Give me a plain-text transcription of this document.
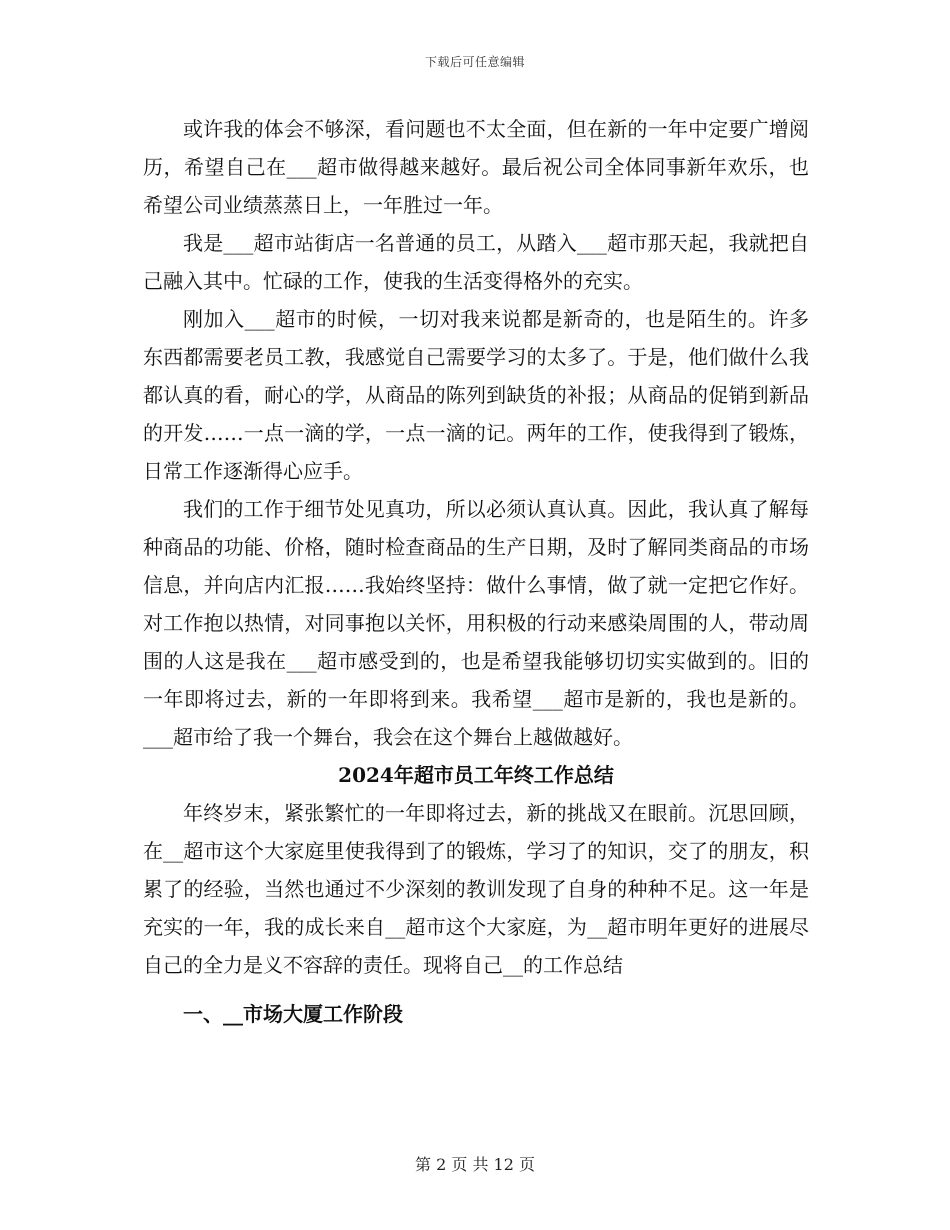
下载后可任意编辑

或许我的体会不够深，看问题也不太全面，但在新的一年中定要广增阅历，希望自己在___超市做得越来越好。最后祝公司全体同事新年欢乐，也希望公司业绩蒸蒸日上，一年胜过一年。

我是___超市站街店一名普通的员工，从踏入___超市那天起，我就把自己融入其中。忙碌的工作，使我的生活变得格外的充实。

刚加入___超市的时候，一切对我来说都是新奇的，也是陌生的。许多东西都需要老员工教，我感觉自己需要学习的太多了。于是，他们做什么我都认真的看，耐心的学，从商品的陈列到缺货的补报；从商品的促销到新品的开发……一点一滴的学，一点一滴的记。两年的工作，使我得到了锻炼，日常工作逐渐得心应手。

我们的工作于细节处见真功，所以必须认真认真。因此，我认真了解每种商品的功能、价格，随时检查商品的生产日期，及时了解同类商品的市场信息，并向店内汇报……我始终坚持：做什么事情，做了就一定把它作好。对工作抱以热情，对同事抱以关怀，用积极的行动来感染周围的人，带动周围的人这是我在___超市感受到的，也是希望我能够切切实实做到的。旧的一年即将过去，新的一年即将到来。我希望___超市是新的，我也是新的。___超市给了我一个舞台，我会在这个舞台上越做越好。

2024年超市员工年终工作总结

年终岁末，紧张繁忙的一年即将过去，新的挑战又在眼前。沉思回顾，在__超市这个大家庭里使我得到了的锻炼，学习了的知识，交了的朋友，积累了的经验，当然也通过不少深刻的教训发现了自身的种种不足。这一年是充实的一年，我的成长来自__超市这个大家庭，为__超市明年更好的进展尽自己的全力是义不容辞的责任。现将自己__的工作总结

一、__市场大厦工作阶段

第 2 页 共 12 页
